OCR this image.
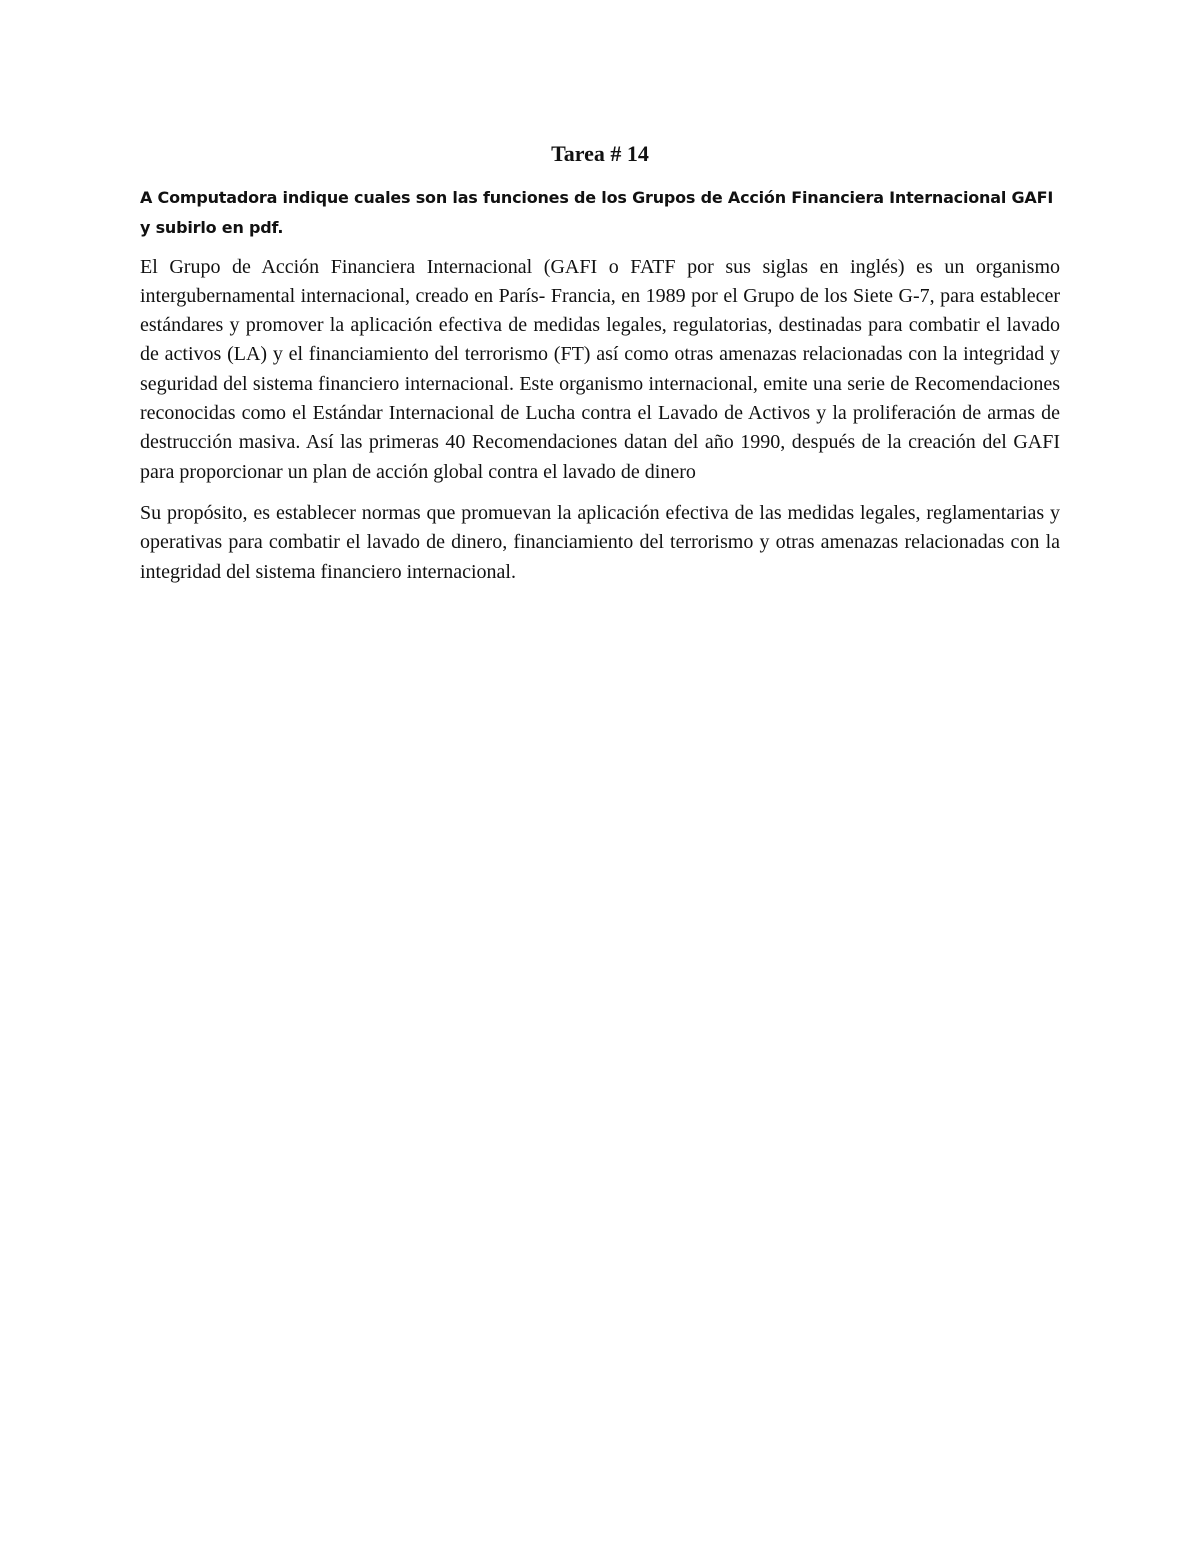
Tarea # 14

A Computadora indique cuales son las funciones de los Grupos de Acción Financiera Internacional GAFI y subirlo en pdf.

El Grupo de Acción Financiera Internacional (GAFI o FATF por sus siglas en inglés) es un organismo intergubernamental internacional, creado en París- Francia, en 1989 por el Grupo de los Siete G-7, para establecer estándares y promover la aplicación efectiva de medidas legales, regulatorias, destinadas para combatir el lavado de activos (LA) y el financiamiento del terrorismo (FT) así como otras amenazas relacionadas con la integridad y seguridad del sistema financiero internacional. Este organismo internacional, emite una serie de Recomendaciones reconocidas como el Estándar Internacional de Lucha contra el Lavado de Activos y la proliferación de armas de destrucción masiva. Así las primeras 40 Recomendaciones datan del año 1990, después de la creación del GAFI para proporcionar un plan de acción global contra el lavado de dinero

Su propósito, es establecer normas que promuevan la aplicación efectiva de las medidas legales, reglamentarias y operativas para combatir el lavado de dinero, financiamiento del terrorismo y otras amenazas relacionadas con la integridad del sistema financiero internacional.
